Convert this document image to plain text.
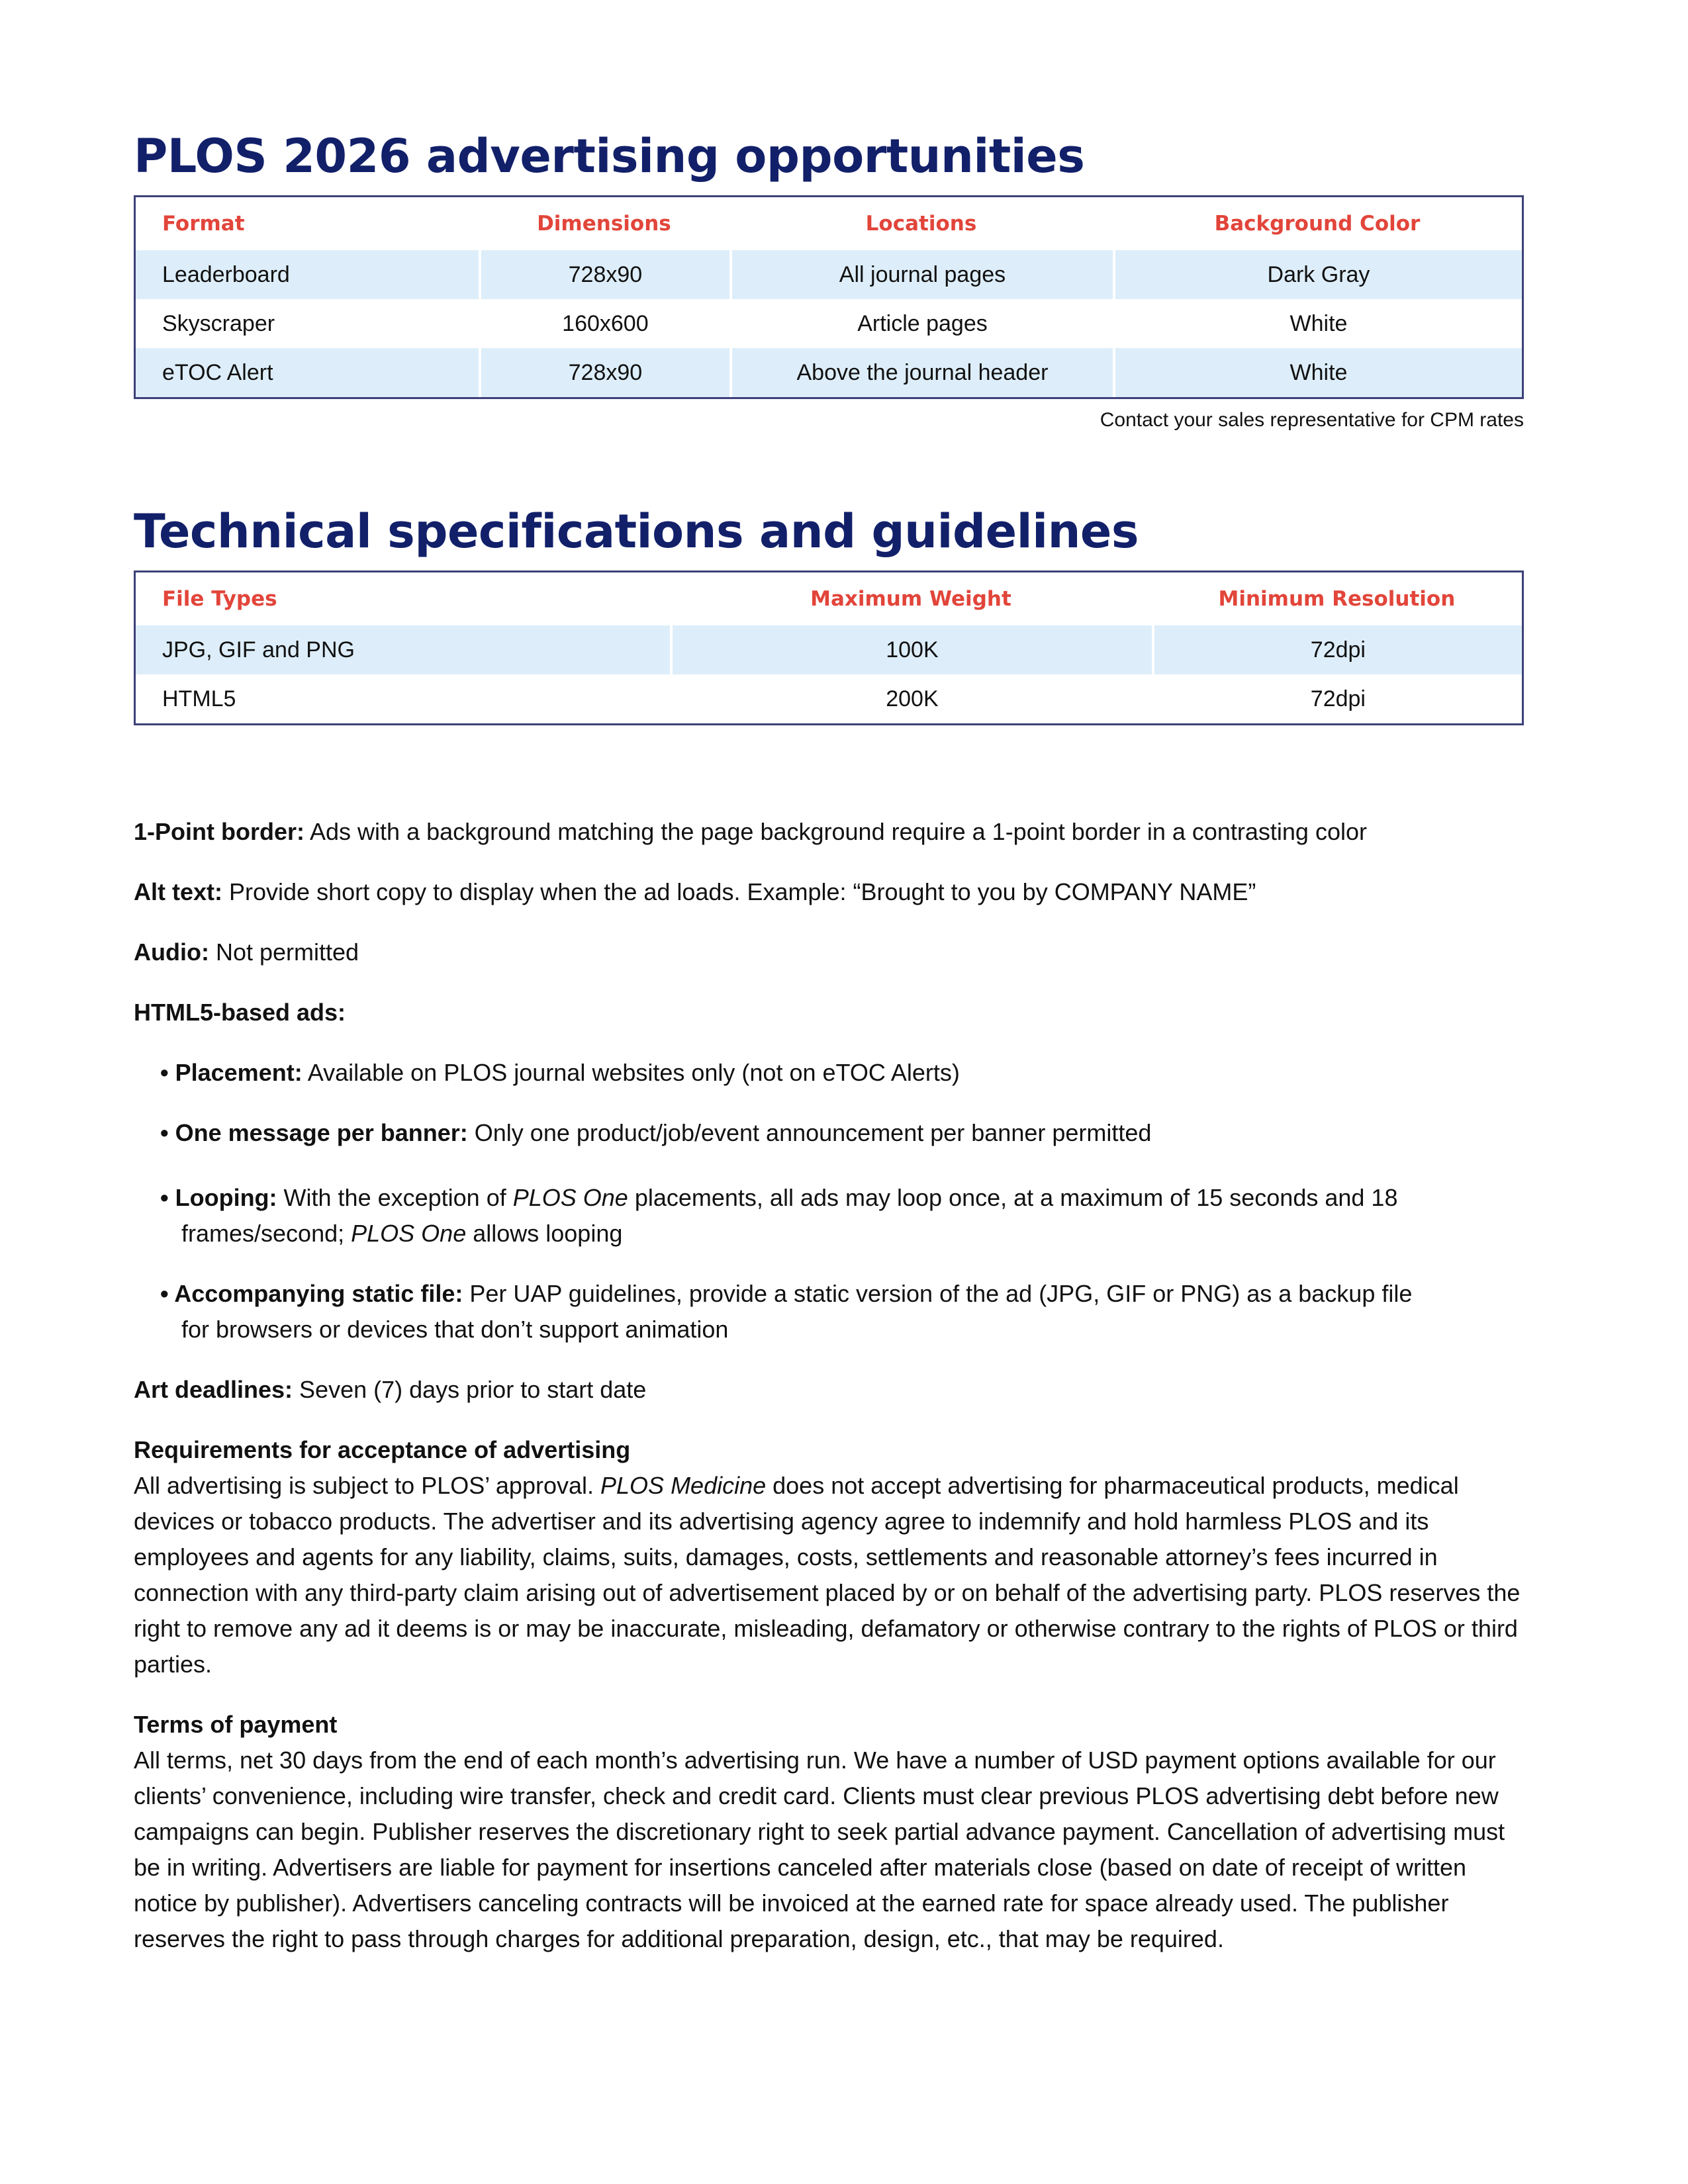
PLOS 2026 advertising opportunities
Format	Dimensions	Locations	Background Color
Leaderboard	728x90	All journal pages	Dark Gray
Skyscraper	160x600	Article pages	White
eTOC Alert	728x90	Above the journal header	White
Contact your sales representative for CPM rates
Technical specifications and guidelines
File Types	Maximum Weight	Minimum Resolution
JPG, GIF and PNG	100K	72dpi
HTML5	200K	72dpi

1-Point border: Ads with a background matching the page background require a 1-point border in a contrasting color

Alt text: Provide short copy to display when the ad loads. Example: “Brought to you by COMPANY NAME”

Audio: Not permitted

HTML5-based ads:

• Placement: Available on PLOS journal websites only (not on eTOC Alerts)
• One message per banner: Only one product/job/event announcement per banner permitted
• Looping: With the exception of PLOS One placements, all ads may loop once, at a maximum of 15 seconds and 18
frames/second; PLOS One allows looping
• Accompanying static file: Per UAP guidelines, provide a static version of the ad (JPG, GIF or PNG) as a backup file
for browsers or devices that don’t support animation

Art deadlines: Seven (7) days prior to start date

Requirements for acceptance of advertising
All advertising is subject to PLOS’ approval. PLOS Medicine does not accept advertising for pharmaceutical products, medical devices or tobacco products. The advertiser and its advertising agency agree to indemnify and hold harmless PLOS and its employees and agents for any liability, claims, suits, damages, costs, settlements and reasonable attorney’s fees incurred in connection with any third-party claim arising out of advertisement placed by or on behalf of the advertising party. PLOS reserves the right to remove any ad it deems is or may be inaccurate, misleading, defamatory or otherwise contrary to the rights of PLOS or third parties.

Terms of payment
All terms, net 30 days from the end of each month’s advertising run. We have a number of USD payment options available for our clients’ convenience, including wire transfer, check and credit card. Clients must clear previous PLOS advertising debt before new campaigns can begin. Publisher reserves the discretionary right to seek partial advance payment. Cancellation of advertising must be in writing. Advertisers are liable for payment for insertions canceled after materials close (based on date of receipt of written notice by publisher). Advertisers canceling contracts will be invoiced at the earned rate for space already used. The publisher reserves the right to pass through charges for additional preparation, design, etc., that may be required.
